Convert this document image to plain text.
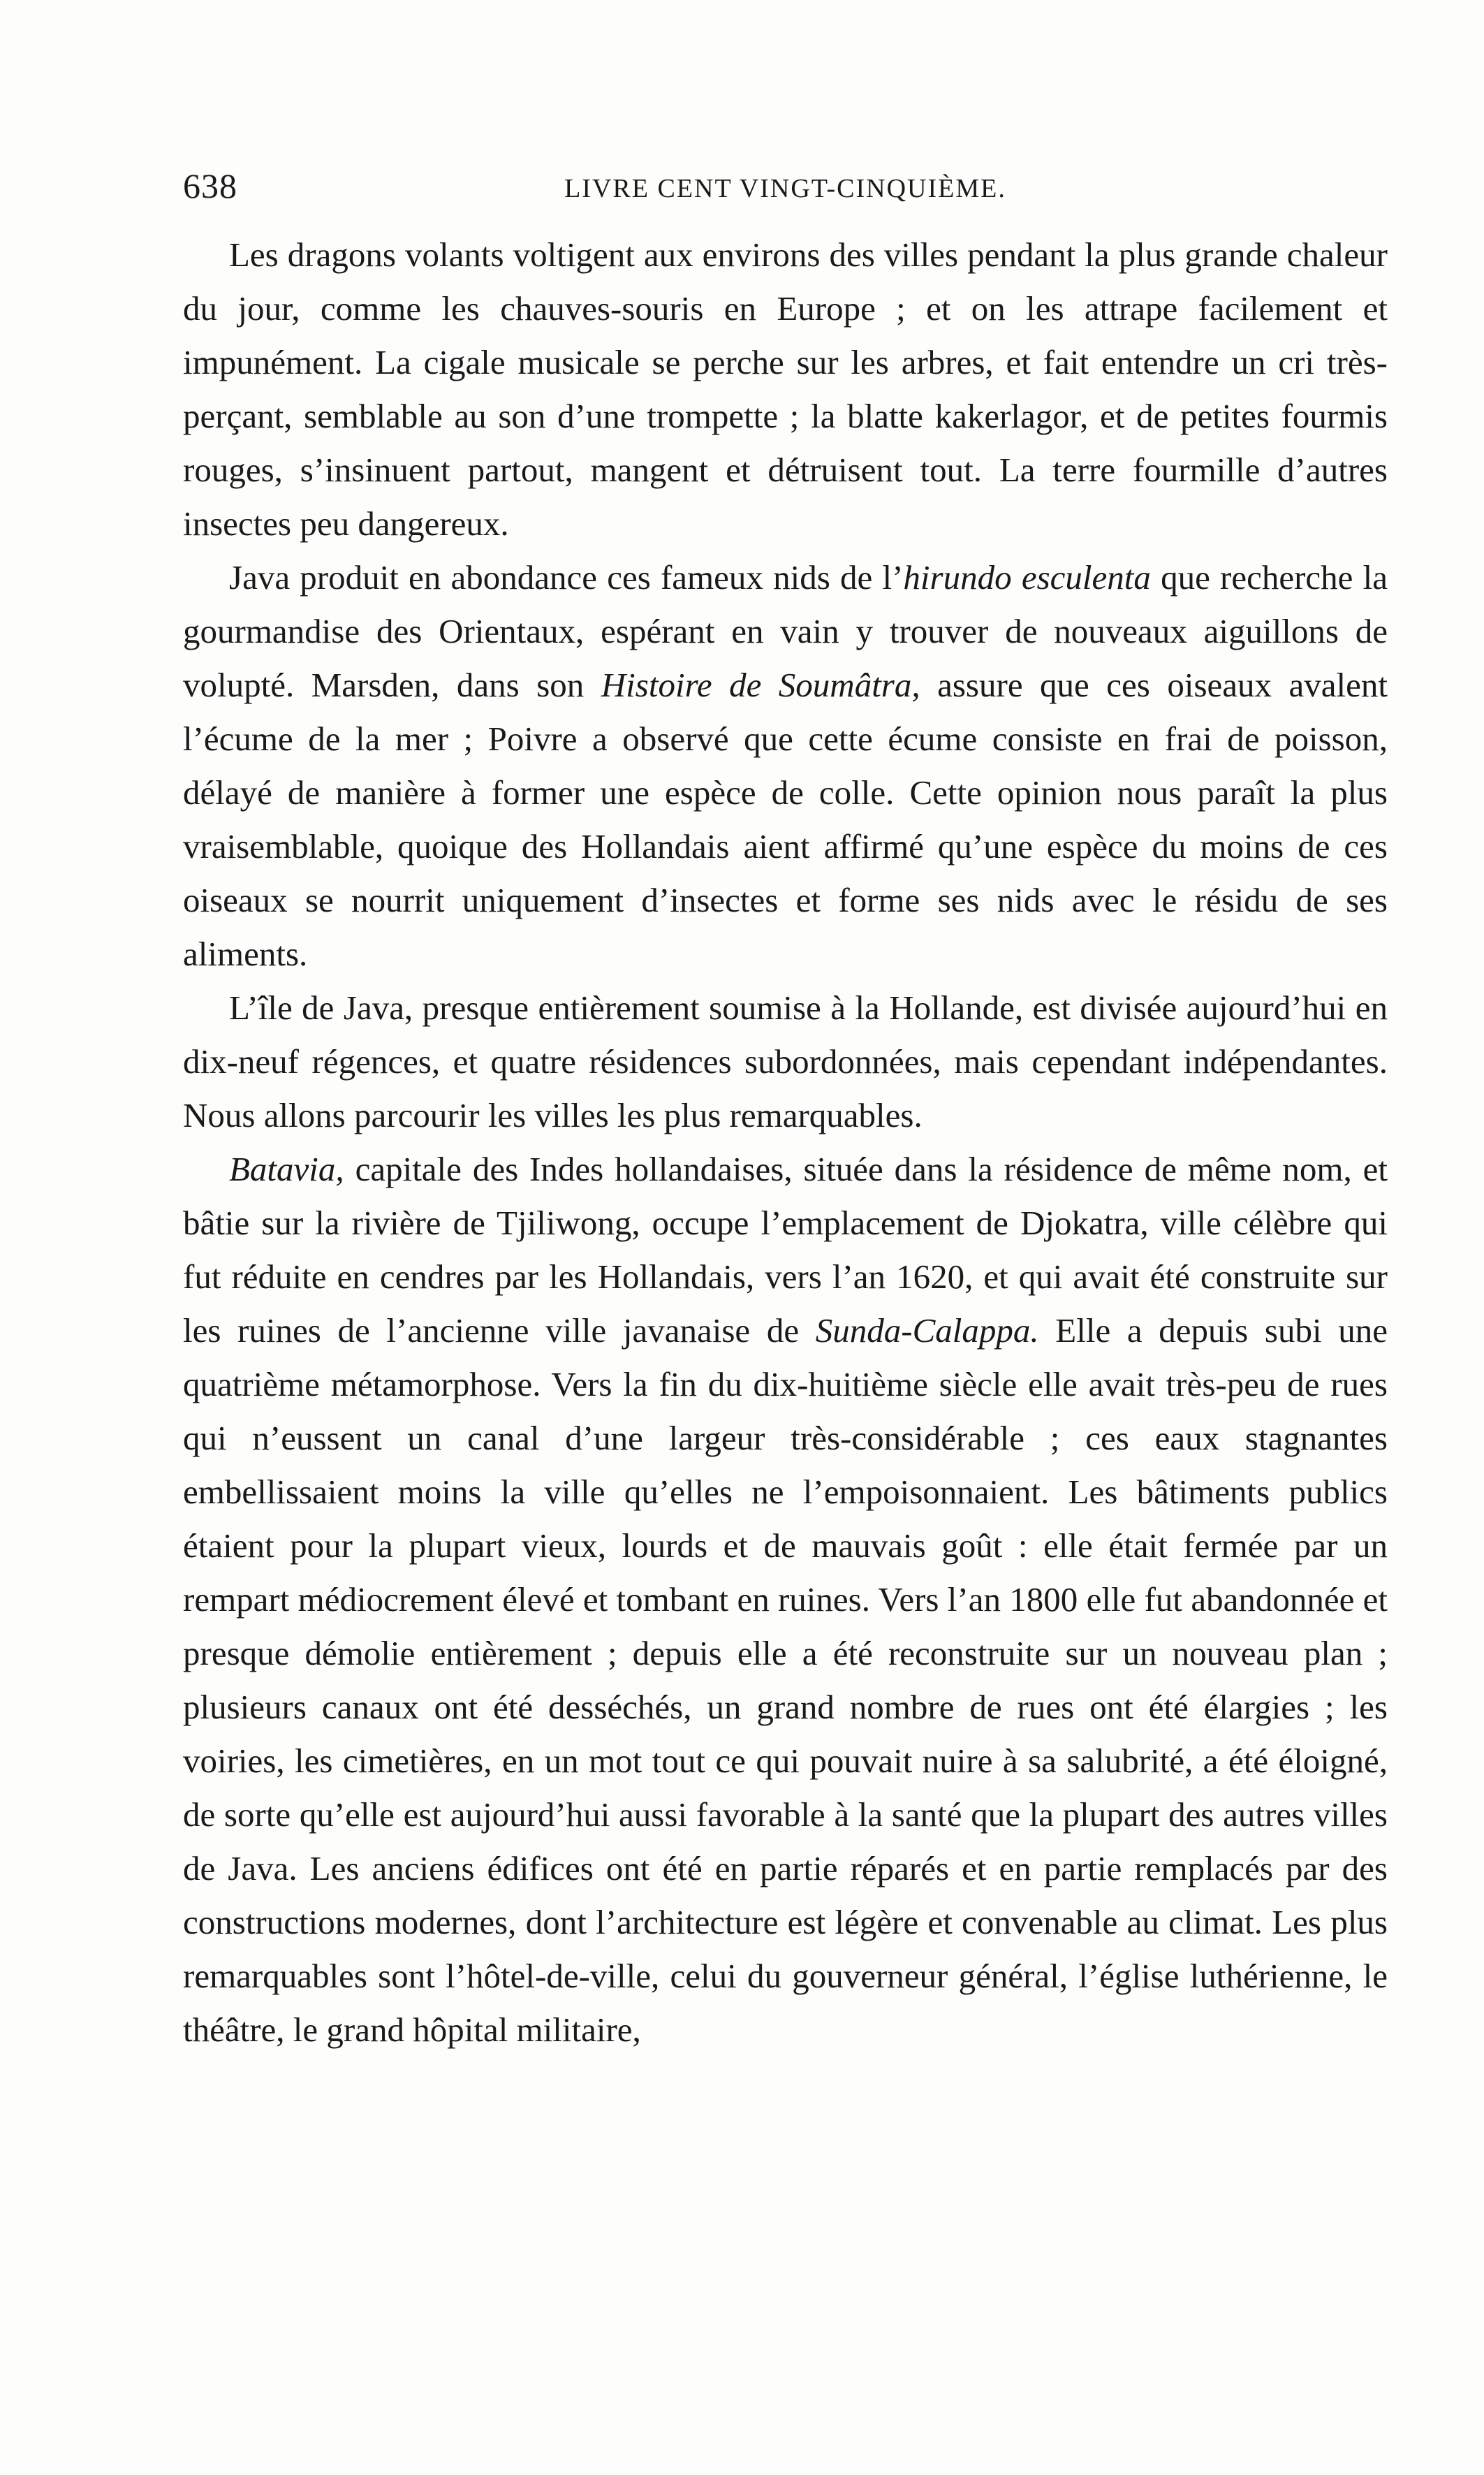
638	LIVRE CENT VINGT-CINQUIÈME.

Les dragons volants voltigent aux environs des villes pendant la plus grande chaleur du jour, comme les chauves-souris en Europe ; et on les attrape facilement et impunément. La cigale musicale se perche sur les arbres, et fait entendre un cri très-perçant, semblable au son d’une trompette ; la blatte kakerlagor, et de petites fourmis rouges, s’insinuent partout, mangent et détruisent tout. La terre fourmille d’autres insectes peu dangereux.

Java produit en abondance ces fameux nids de l’hirundo esculenta que recherche la gourmandise des Orientaux, espérant en vain y trouver de nouveaux aiguillons de volupté. Marsden, dans son Histoire de Soumâtra, assure que ces oiseaux avalent l’écume de la mer ; Poivre a observé que cette écume consiste en frai de poisson, délayé de manière à former une espèce de colle. Cette opinion nous paraît la plus vraisemblable, quoique des Hollandais aient affirmé qu’une espèce du moins de ces oiseaux se nourrit uniquement d’insectes et forme ses nids avec le résidu de ses aliments.

L’île de Java, presque entièrement soumise à la Hollande, est divisée aujourd’hui en dix-neuf régences, et quatre résidences subordonnées, mais cependant indépendantes. Nous allons parcourir les villes les plus remarquables.

Batavia, capitale des Indes hollandaises, située dans la résidence de même nom, et bâtie sur la rivière de Tjiliwong, occupe l’emplacement de Djokatra, ville célèbre qui fut réduite en cendres par les Hollandais, vers l’an 1620, et qui avait été construite sur les ruines de l’ancienne ville javanaise de Sunda-Calappa. Elle a depuis subi une quatrième métamorphose. Vers la fin du dix-huitième siècle elle avait très-peu de rues qui n’eussent un canal d’une largeur très-considérable ; ces eaux stagnantes embellissaient moins la ville qu’elles ne l’empoisonnaient. Les bâtiments publics étaient pour la plupart vieux, lourds et de mauvais goût : elle était fermée par un rempart médiocrement élevé et tombant en ruines. Vers l’an 1800 elle fut abandonnée et presque démolie entièrement ; depuis elle a été reconstruite sur un nouveau plan ; plusieurs canaux ont été desséchés, un grand nombre de rues ont été élargies ; les voiries, les cimetières, en un mot tout ce qui pouvait nuire à sa salubrité, a été éloigné, de sorte qu’elle est aujourd’hui aussi favorable à la santé que la plupart des autres villes de Java. Les anciens édifices ont été en partie réparés et en partie remplacés par des constructions modernes, dont l’architecture est légère et convenable au climat. Les plus remarquables sont l’hôtel-de-ville, celui du gouverneur général, l’église luthérienne, le théâtre, le grand hôpital militaire,
